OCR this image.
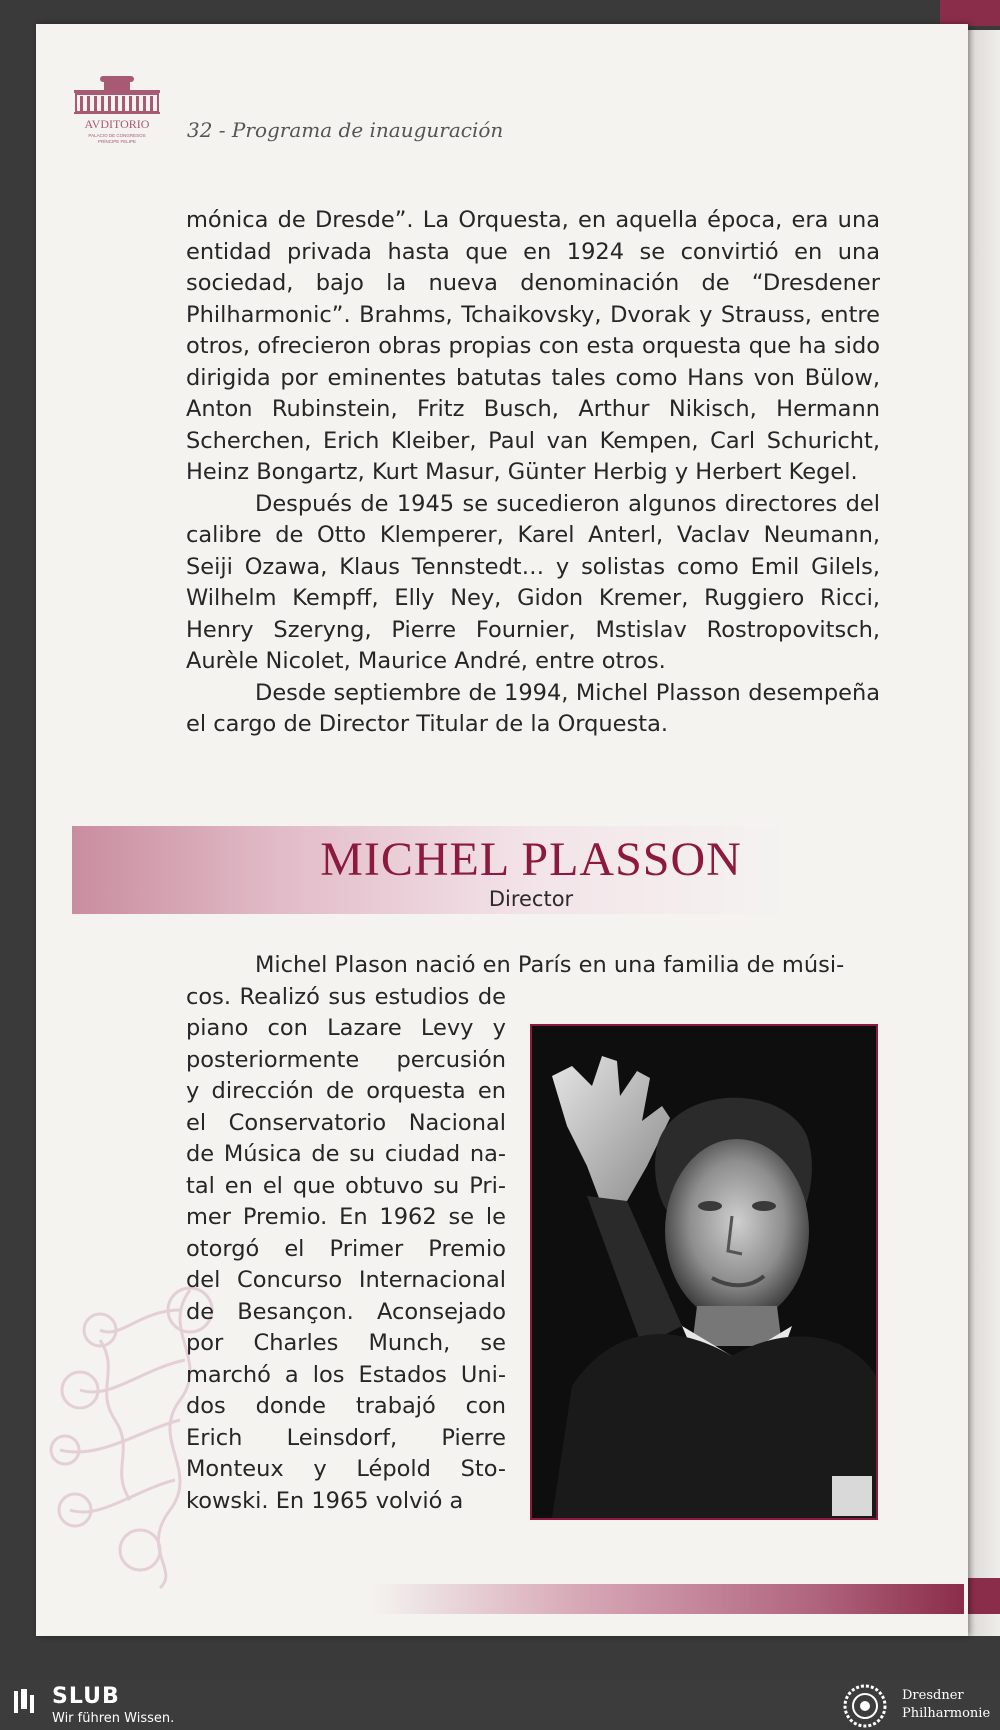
AVDITORIO
PALACIO DE CONGRESOS
PRÍNCIPE FELIPE	32 - Programa de inauguración

mónica de Dresde”. La Orquesta, en aquella época, era una entidad privada hasta que en 1924 se convirtió en una sociedad, bajo la nueva denominación de “Dresdener Philharmonic”. Brahms, Tchaikovsky, Dvorak y Strauss, entre otros, ofrecieron obras propias con esta orquesta que ha sido dirigida por eminentes batutas tales como Hans von Bülow, Anton Rubinstein, Fritz Busch, Arthur Nikisch, Hermann Scherchen, Erich Kleiber, Paul van Kempen, Carl Schuricht, Heinz Bongartz, Kurt Masur, Günter Herbig y Herbert Kegel.

Después de 1945 se sucedieron algunos directores del calibre de Otto Klemperer, Karel Anterl, Vaclav Neumann, Seiji Ozawa, Klaus Tennstedt… y solistas como Emil Gilels, Wilhelm Kempff, Elly Ney, Gidon Kremer, Ruggiero Ricci, Henry Szeryng, Pierre Fournier, Mstislav Rostropovitsch, Aurèle Nicolet, Maurice André, entre otros.

Desde septiembre de 1994, Michel Plasson desempeña el cargo de Director Titular de la Orquesta.

MICHEL PLASSON
Director
Michel Plason nació en París en una familia de músi-
cos. Realizó sus estudios de
piano con Lazare Levy y
posteriormente percusión
y dirección de orquesta en
el Conservatorio Nacional
de Música de su ciudad na-
tal en el que obtuvo su Pri-
mer Premio. En 1962 se le
otorgó el Primer Premio
del Concurso Internacional
de Besançon. Aconsejado
por Charles Munch, se
marchó a los Estados Uni-
dos donde trabajó con
Erich Leinsdorf, Pierre
Monteux y Lépold Sto-
kowski. En 1965 volvió a
SLUB
Wir führen Wissen.
Dresdner
Philharmonie
